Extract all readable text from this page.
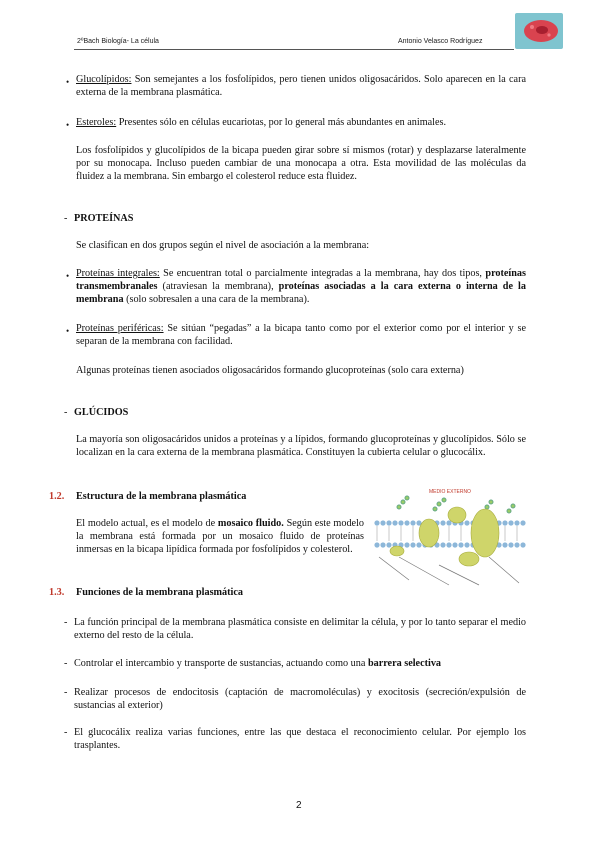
2ºBach Biología- La célula	Antonio Velasco Rodríguez
• Glucolípidos: Son semejantes a los fosfolípidos, pero tienen unidos oligosacáridos. Solo aparecen en la cara externa de la membrana plasmática.

• Esteroles: Presentes sólo en células eucariotas, por lo general más abundantes en animales.

Los fosfolípidos y glucolípidos de la bicapa pueden girar sobre sí mismos (rotar) y desplazarse lateralmente por su monocapa. Incluso pueden cambiar de una monocapa a otra. Esta movilidad de las moléculas da fluidez a la membrana. Sin embargo el colesterol reduce esta fluidez.

- PROTEÍNAS

Se clasifican en dos grupos según el nivel de asociación a la membrana:

• Proteínas integrales: Se encuentran total o parcialmente integradas a la membrana, hay dos tipos, proteínas transmembranales (atraviesan la membrana), proteínas asociadas a la cara externa o interna de la membrana (solo sobresalen a una cara de la membrana).

• Proteínas periféricas: Se sitúan “pegadas” a la bicapa tanto como por el exterior como por el interior y se separan de la membrana con facilidad.

Algunas proteínas tienen asociados oligosacáridos formando glucoproteínas (solo cara externa)

- GLÚCIDOS

La mayoría son oligosacáridos unidos a proteínas y a lípidos, formando glucoproteínas y glucolípidos. Sólo se localizan en la cara externa de la membrana plasmática. Constituyen la cubierta celular o glucocálix.

1.2. Estructura de la membrana plasmática

El modelo actual, es el modelo de mosaico fluido. Según este modelo la membrana está formada por un mosaico fluido de proteínas inmersas en la bicapa lipídica formada por fosfolípidos y colesterol.

MEDIO EXTERNO
1.3. Funciones de la membrana plasmática
- La función principal de la membrana plasmática consiste en delimitar la célula, y por lo tanto separar el medio externo del resto de la célula.

- Controlar el intercambio y transporte de sustancias, actuando como una barrera selectiva

- Realizar procesos de endocitosis (captación de macromoléculas) y exocitosis (secreción/expulsión de sustancias al exterior)

- El glucocálix realiza varias funciones, entre las que destaca el reconocimiento celular. Por ejemplo los trasplantes.

2
